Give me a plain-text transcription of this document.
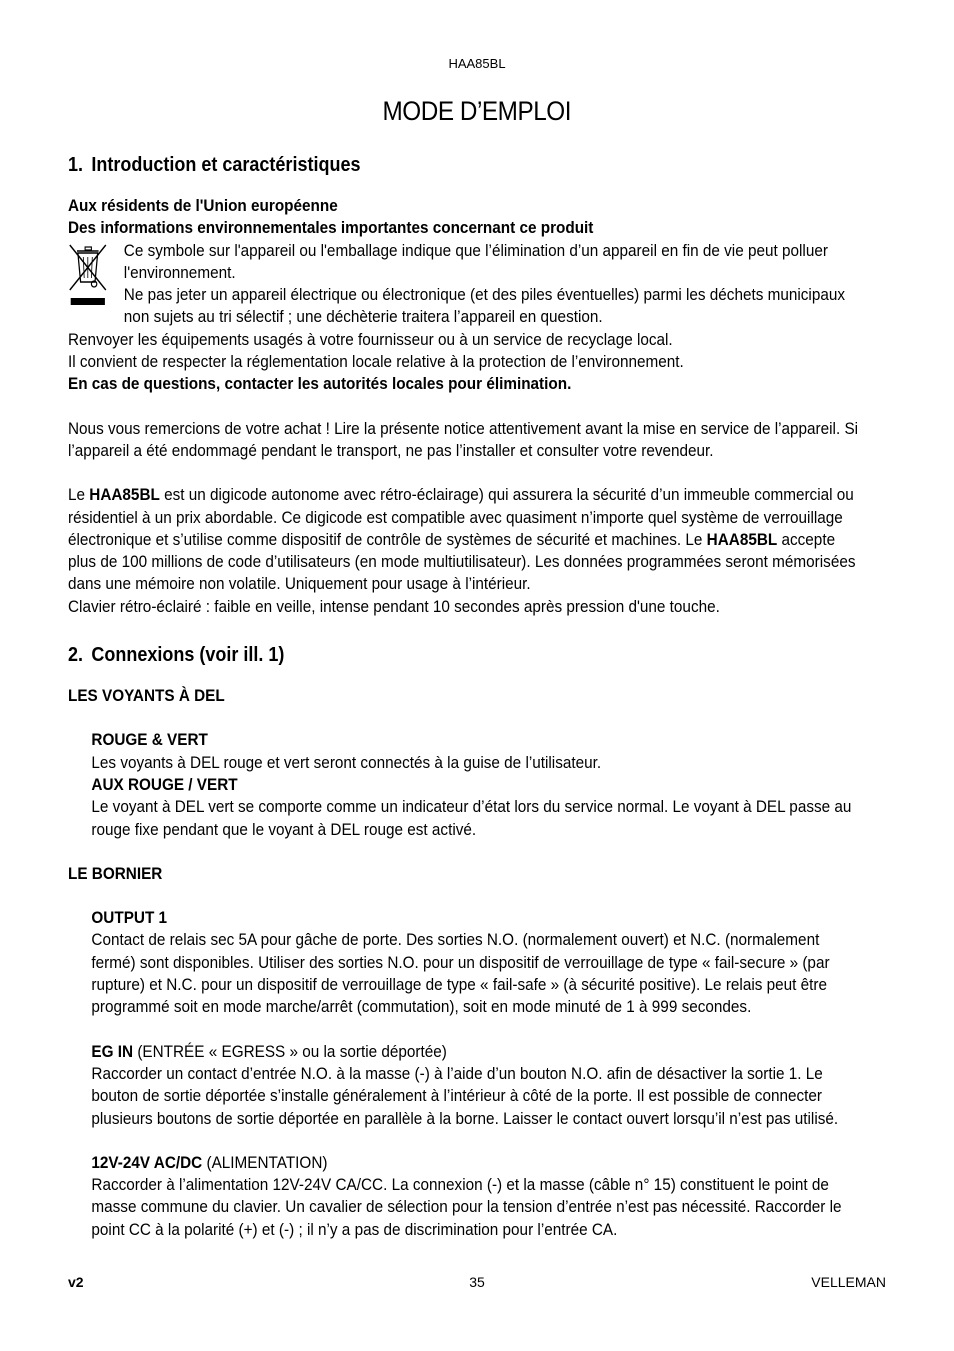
HAA85BL
MODE D’EMPLOI
1. Introduction et caractéristiques

Aux résidents de l'Union européenne

Des informations environnementales importantes concernant ce produit

Ce symbole sur l'appareil ou l'emballage indique que l’élimination d’un appareil en fin de vie peut polluer

l'environnement.

Ne pas jeter un appareil électrique ou électronique (et des piles éventuelles) parmi les déchets municipaux

non sujets au tri sélectif ; une déchèterie traitera l’appareil en question.

Renvoyer les équipements usagés à votre fournisseur ou à un service de recyclage local.

Il convient de respecter la réglementation locale relative à la protection de l’environnement.

En cas de questions, contacter les autorités locales pour élimination.

Nous vous remercions de votre achat ! Lire la présente notice attentivement avant la mise en service de l’appareil. Si

l’appareil a été endommagé pendant le transport, ne pas l’installer et consulter votre revendeur.

Le HAA85BL est un digicode autonome avec rétro-éclairage) qui assurera la sécurité d’un immeuble commercial ou

résidentiel à un prix abordable. Ce digicode est compatible avec quasiment n’importe quel système de verrouillage

électronique et s’utilise comme dispositif de contrôle de systèmes de sécurité et machines. Le HAA85BL accepte

plus de 100 millions de code d’utilisateurs (en mode multiutilisateur). Les données programmées seront mémorisées

dans une mémoire non volatile. Uniquement pour usage à l’intérieur.

Clavier rétro-éclairé : faible en veille, intense pendant 10 secondes après pression d'une touche.

2. Connexions (voir ill. 1)

LES VOYANTS À DEL

ROUGE & VERT

Les voyants à DEL rouge et vert seront connectés à la guise de l’utilisateur.

AUX ROUGE / VERT

Le voyant à DEL vert se comporte comme un indicateur d’état lors du service normal. Le voyant à DEL passe au

rouge fixe pendant que le voyant à DEL rouge est activé.

LE BORNIER

OUTPUT 1

Contact de relais sec 5A pour gâche de porte. Des sorties N.O. (normalement ouvert) et N.C. (normalement

fermé) sont disponibles. Utiliser des sorties N.O. pour un dispositif de verrouillage de type « fail-secure » (par

rupture) et N.C. pour un dispositif de verrouillage de type « fail-safe » (à sécurité positive). Le relais peut être

programmé soit en mode marche/arrêt (commutation), soit en mode minuté de 1 à 999 secondes.

EG IN (ENTRÉE « EGRESS » ou la sortie déportée)

Raccorder un contact d’entrée N.O. à la masse (-) à l’aide d’un bouton N.O. afin de désactiver la sortie 1. Le

bouton de sortie déportée s’installe généralement à l’intérieur à côté de la porte. Il est possible de connecter

plusieurs boutons de sortie déportée en parallèle à la borne. Laisser le contact ouvert lorsqu’il n’est pas utilisé.

12V-24V AC/DC (ALIMENTATION)

Raccorder à l’alimentation 12V-24V CA/CC. La connexion (-) et la masse (câble n° 15) constituent le point de

masse commune du clavier. Un cavalier de sélection pour la tension d’entrée n’est pas nécessité. Raccorder le

point CC à la polarité (+) et (-) ; il n’y a pas de discrimination pour l’entrée CA.

v2	35	VELLEMAN
